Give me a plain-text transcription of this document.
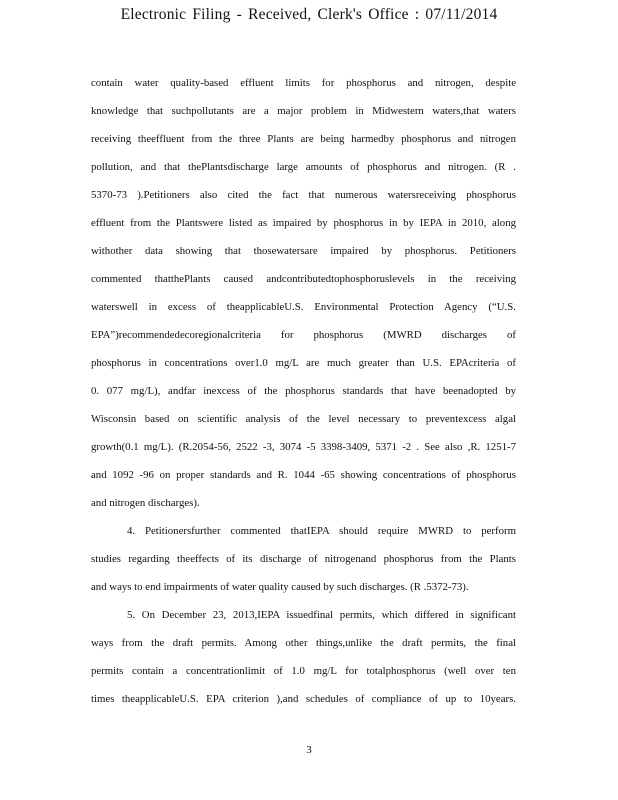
Electronic Filing - Received, Clerk's Office : 07/11/2014
contain water quality-based effluent limits for phosphorus and nitrogen, despite
knowledge that suchpollutants are a major problem in Midwestern waters,that waters
receiving theeffluent from the three Plants are being harmedby phosphorus and nitrogen
pollution, and that thePlantsdischarge large amounts of phosphorus and nitrogen. (R .
5370-73 ).Petitioners also cited the fact that numerous watersreceiving phosphorus
effluent from the Plantswere listed as impaired by phosphorus in by IEPA in 2010, along
withother data showing that thosewatersare impaired by phosphorus. Petitioners
commented thatthePlants caused andcontributedtophosphoruslevels in the receiving
waterswell in excess of theapplicableU.S. Environmental Protection Agency (“U.S.
EPA”)recommendedecoregionalcriteria for phosphorus (MWRD discharges of
phosphorus in concentrations over1.0 mg/L are much greater than U.S. EPAcriteria of
0. 077 mg/L), andfar inexcess of the phosphorus standards that have beenadopted by
Wisconsin based on scientific analysis of the level necessary to preventexcess algal
growth(0.1 mg/L). (R.2054-56, 2522 -3, 3074 -5 3398-3409, 5371 -2 . See also ,R. 1251-7
and 1092 -96 on proper standards and R. 1044 -65 showing concentrations of phosphorus
and nitrogen discharges).
4. Petitionersfurther commented thatIEPA should require MWRD to perform
studies regarding theeffects of its discharge of nitrogenand phosphorus from the Plants
and ways to end impairments of water quality caused by such discharges. (R .5372-73).
5. On December 23, 2013,IEPA issuedfinal permits, which differed in significant
ways from the draft permits. Among other things,unlike the draft permits, the final
permits contain a concentrationlimit of 1.0 mg/L for totalphosphorus (well over ten
times theapplicableU.S. EPA criterion ),and schedules of compliance of up to 10years.
3
